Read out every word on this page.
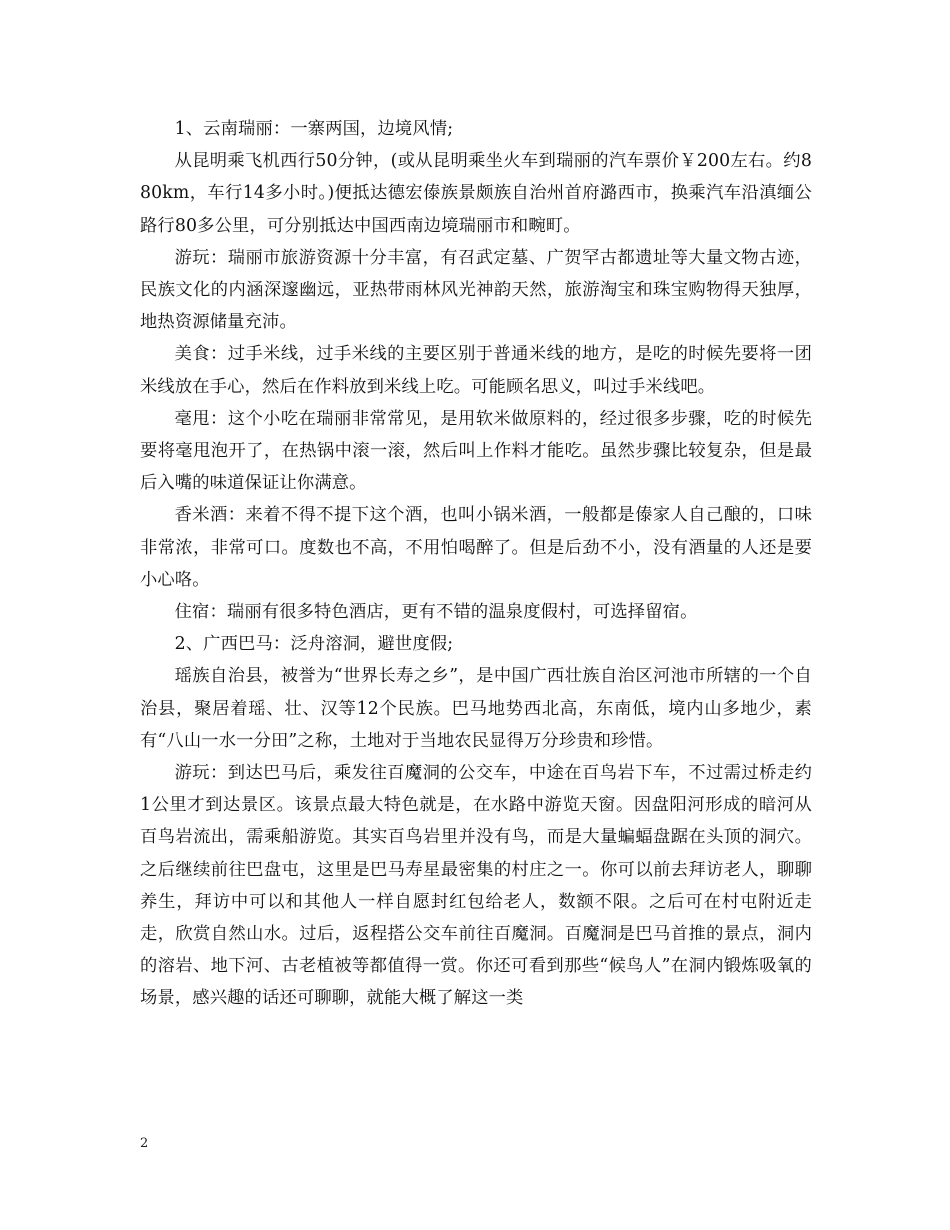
1、云南瑞丽：一寨两国，边境风情;

从昆明乘飞机西行50分钟，(或从昆明乘坐火车到瑞丽的汽车票价￥200左右。约880km，车行14多小时。)便抵达德宏傣族景颇族自治州首府潞西市，换乘汽车沿滇缅公路行80多公里，可分别抵达中国西南边境瑞丽市和畹町。

游玩：瑞丽市旅游资源十分丰富，有召武定墓、广贺罕古都遗址等大量文物古迹，民族文化的内涵深邃幽远，亚热带雨林风光神韵天然，旅游淘宝和珠宝购物得天独厚，地热资源储量充沛。

美食：过手米线，过手米线的主要区别于普通米线的地方，是吃的时候先要将一团米线放在手心，然后在作料放到米线上吃。可能顾名思义，叫过手米线吧。

毫甩：这个小吃在瑞丽非常常见，是用软米做原料的，经过很多步骤，吃的时候先要将毫甩泡开了，在热锅中滚一滚，然后叫上作料才能吃。虽然步骤比较复杂，但是最后入嘴的味道保证让你满意。

香米酒：来着不得不提下这个酒，也叫小锅米酒，一般都是傣家人自己酿的，口味非常浓，非常可口。度数也不高，不用怕喝醉了。但是后劲不小，没有酒量的人还是要小心咯。

住宿：瑞丽有很多特色酒店，更有不错的温泉度假村，可选择留宿。

2、广西巴马：泛舟溶洞，避世度假;

瑶族自治县，被誉为“世界长寿之乡”，是中国广西壮族自治区河池市所辖的一个自治县，聚居着瑶、壮、汉等12个民族。巴马地势西北高，东南低，境内山多地少，素有“八山一水一分田”之称，土地对于当地农民显得万分珍贵和珍惜。

游玩：到达巴马后，乘发往百魔洞的公交车，中途在百鸟岩下车，不过需过桥走约1公里才到达景区。该景点最大特色就是，在水路中游览天窗。因盘阳河形成的暗河从百鸟岩流出，需乘船游览。其实百鸟岩里并没有鸟，而是大量蝙蝠盘踞在头顶的洞穴。之后继续前往巴盘屯，这里是巴马寿星最密集的村庄之一。你可以前去拜访老人，聊聊养生，拜访中可以和其他人一样自愿封红包给老人，数额不限。之后可在村屯附近走走，欣赏自然山水。过后，返程搭公交车前往百魔洞。百魔洞是巴马首推的景点，洞内的溶岩、地下河、古老植被等都值得一赏。你还可看到那些“候鸟人”在洞内锻炼吸氧的场景，感兴趣的话还可聊聊，就能大概了解这一类

2
